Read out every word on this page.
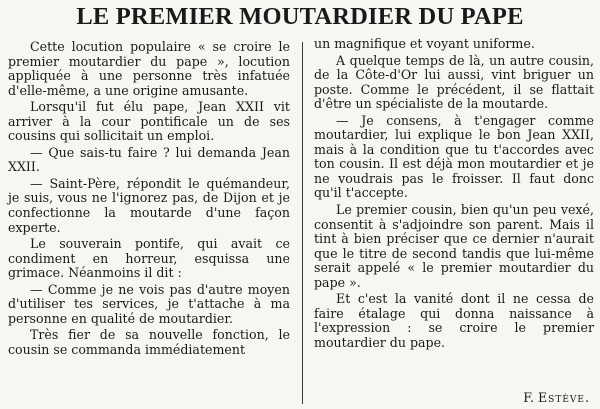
LE PREMIER MOUTARDIER DU PAPE

Cette locution populaire « se croire le premier moutardier du pape », locution appliquée à une personne très infatuée d'elle-même, a une origine amusante.

Lorsqu'il fut élu pape, Jean XXII vit arriver à la cour pontificale un de ses cousins qui sollicitait un emploi.

— Que sais-tu faire ? lui demanda Jean XXII.

— Saint-Père, répondit le quémandeur, je suis, vous ne l'ignorez pas, de Dijon et je confectionne la moutarde d'une façon experte.

Le souverain pontife, qui avait ce condiment en horreur, esquissa une grimace. Néanmoins il dit :

— Comme je ne vois pas d'autre moyen d'utiliser tes services, je t'attache à ma personne en qualité de moutardier.

Très fier de sa nouvelle fonction, le cousin se commanda immédiatement

un magnifique et voyant uniforme.

A quelque temps de là, un autre cousin, de la Côte-d'Or lui aussi, vint briguer un poste. Comme le précédent, il se flattait d'être un spécialiste de la moutarde.

— Je consens, à t'engager comme moutardier, lui explique le bon Jean XXII, mais à la condition que tu t'accordes avec ton cousin. Il est déjà mon moutardier et je ne voudrais pas le froisser. Il faut donc qu'il t'accepte.

Le premier cousin, bien qu'un peu vexé, consentit à s'adjoindre son parent. Mais il tint à bien préciser que ce dernier n'aurait que le titre de second tandis que lui-même serait appelé « le premier moutardier du pape ».

Et c'est la vanité dont il ne cessa de faire étalage qui donna naissance à l'expression : se croire le premier moutardier du pape.

F. Estève.
